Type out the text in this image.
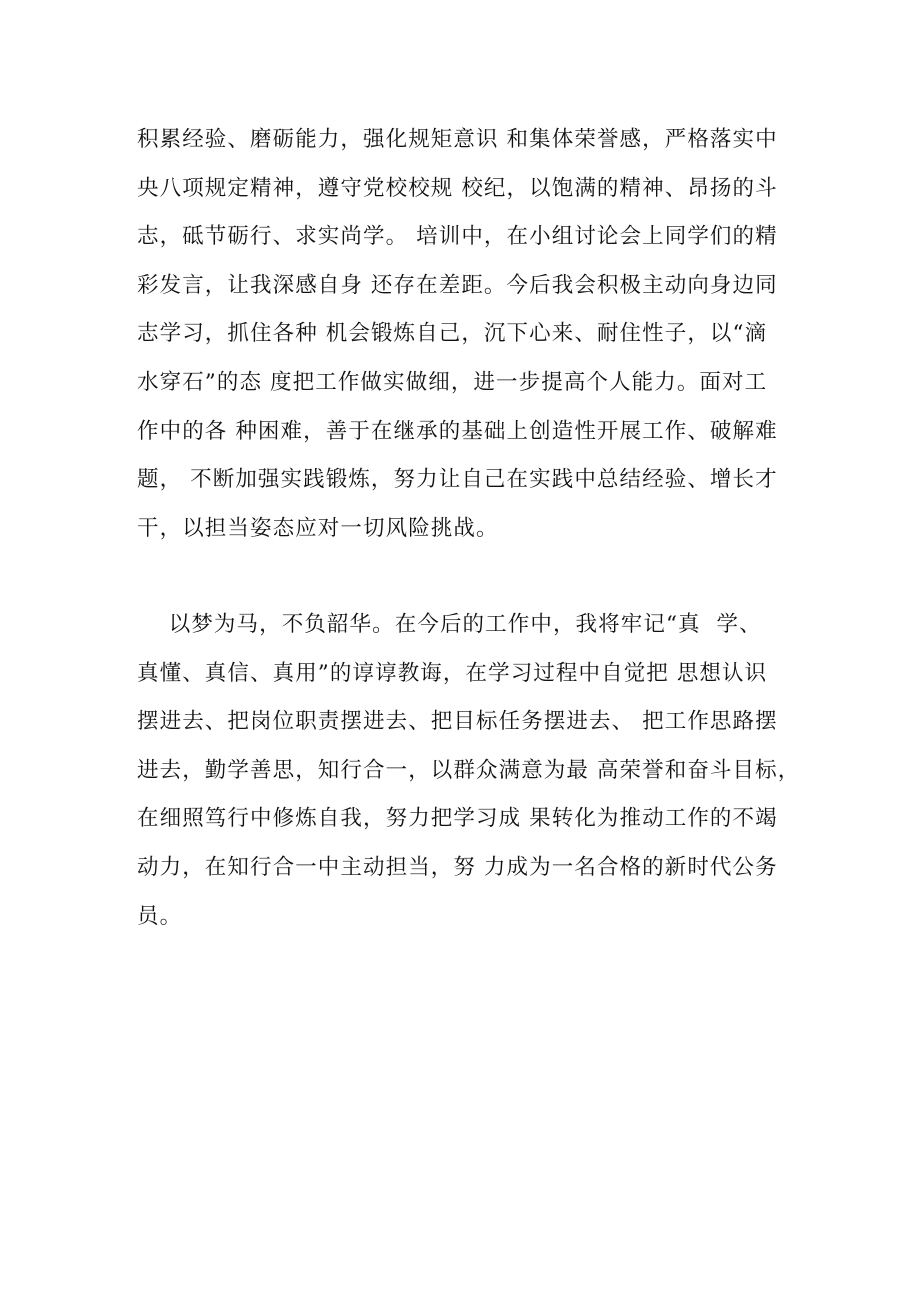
积累经验、磨砺能力，强化规矩意识 和集体荣誉感，严格落实中
央八项规定精神，遵守党校校规 校纪，以饱满的精神、昂扬的斗
志，砥节砺行、求实尚学。 培训中，在小组讨论会上同学们的精
彩发言，让我深感自身 还存在差距。今后我会积极主动向身边同
志学习，抓住各种 机会锻炼自己，沉下心来、耐住性子，以“滴
水穿石”的态 度把工作做实做细，进一步提高个人能力。面对工
作中的各 种困难，善于在继承的基础上创造性开展工作、破解难
题， 不断加强实践锻炼，努力让自己在实践中总结经验、增长才
干，以担当姿态应对一切风险挑战。
以梦为马，不负韶华。在今后的工作中，我将牢记“真  学、
真懂、真信、真用”的谆谆教诲，在学习过程中自觉把 思想认识
摆进去、把岗位职责摆进去、把目标任务摆进去、 把工作思路摆
进去，勤学善思，知行合一，以群众满意为最 高荣誉和奋斗目标，
在细照笃行中修炼自我，努力把学习成 果转化为推动工作的不竭
动力，在知行合一中主动担当，努 力成为一名合格的新时代公务
员。
